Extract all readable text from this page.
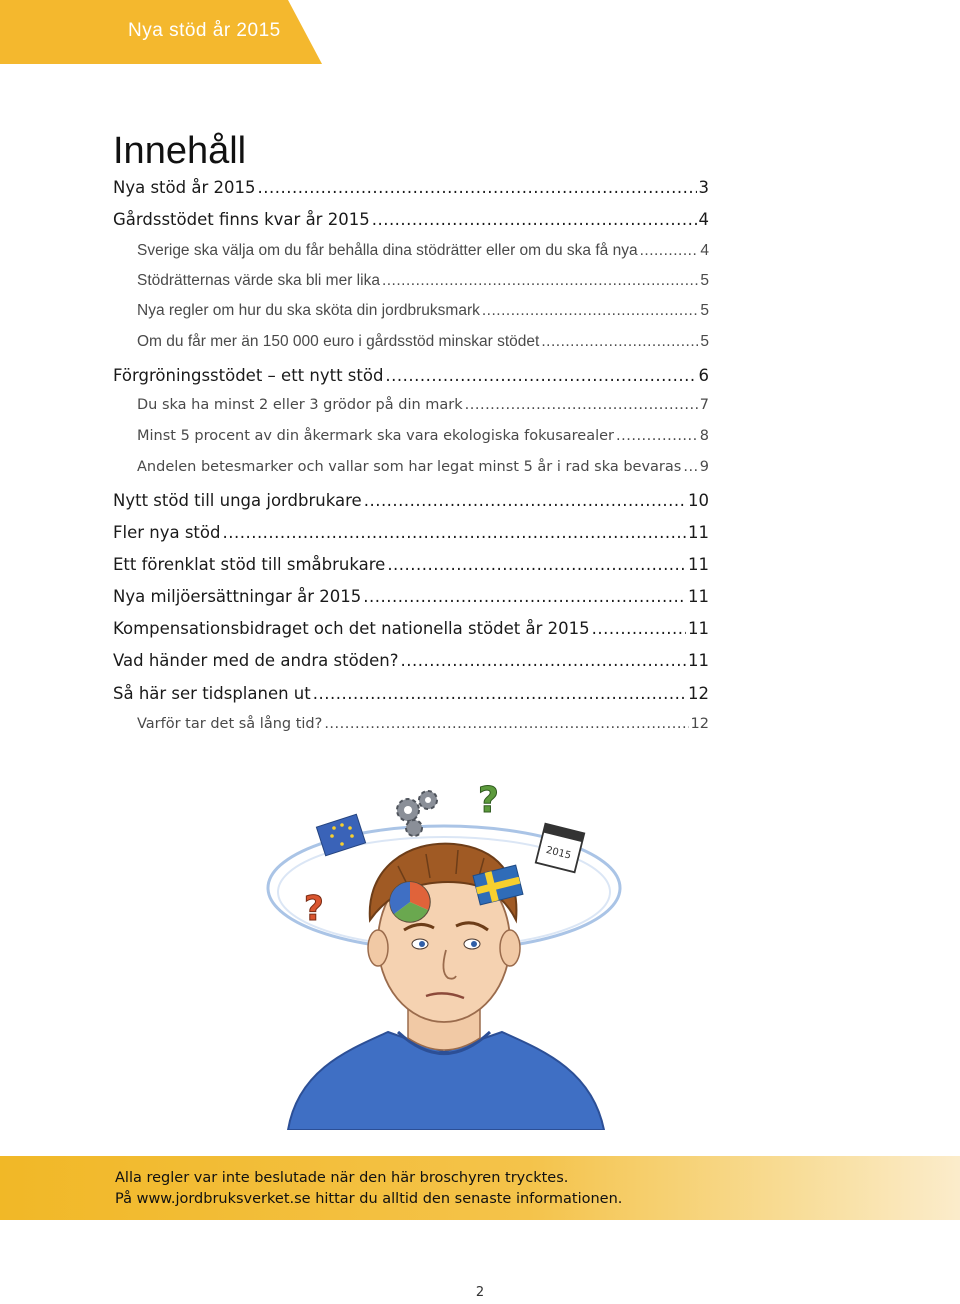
Nya stöd år 2015
Innehåll
Nya stöd år 2015 .....	3
Gårdsstödet finns kvar år 2015 .....	4
Sverige ska välja om du får behålla dina stödrätter eller om du ska få nya .....	4
Stödrätternas värde ska bli mer lika .....	5
Nya regler om hur du ska sköta din jordbruksmark .....	5
Om du får mer än 150 000 euro i gårdsstöd minskar stödet .....	5
Förgröningsstödet – ett nytt stöd .....	6
Du ska ha minst 2 eller 3 grödor på din mark .....	7
Minst 5 procent av din åkermark ska vara ekologiska fokusarealer .....	8
Andelen betesmarker och vallar som har legat minst 5 år i rad ska bevaras ..... 9
Nytt stöd till unga jordbrukare .....	10
Fler nya stöd .....	11
Ett förenklat stöd till småbrukare .....	11
Nya miljöersättningar år 2015 .....	11
Kompensationsbidraget och det nationella stödet år 2015 .....	11
Vad händer med de andra stöden? .....	11
Så här ser tidsplanen ut .....	12
Varför tar det så lång tid? .....	12
?
?
2015
Alla regler var inte beslutade när den här broschyren trycktes.
På www.jordbruksverket.se hittar du alltid den senaste informationen.
2
